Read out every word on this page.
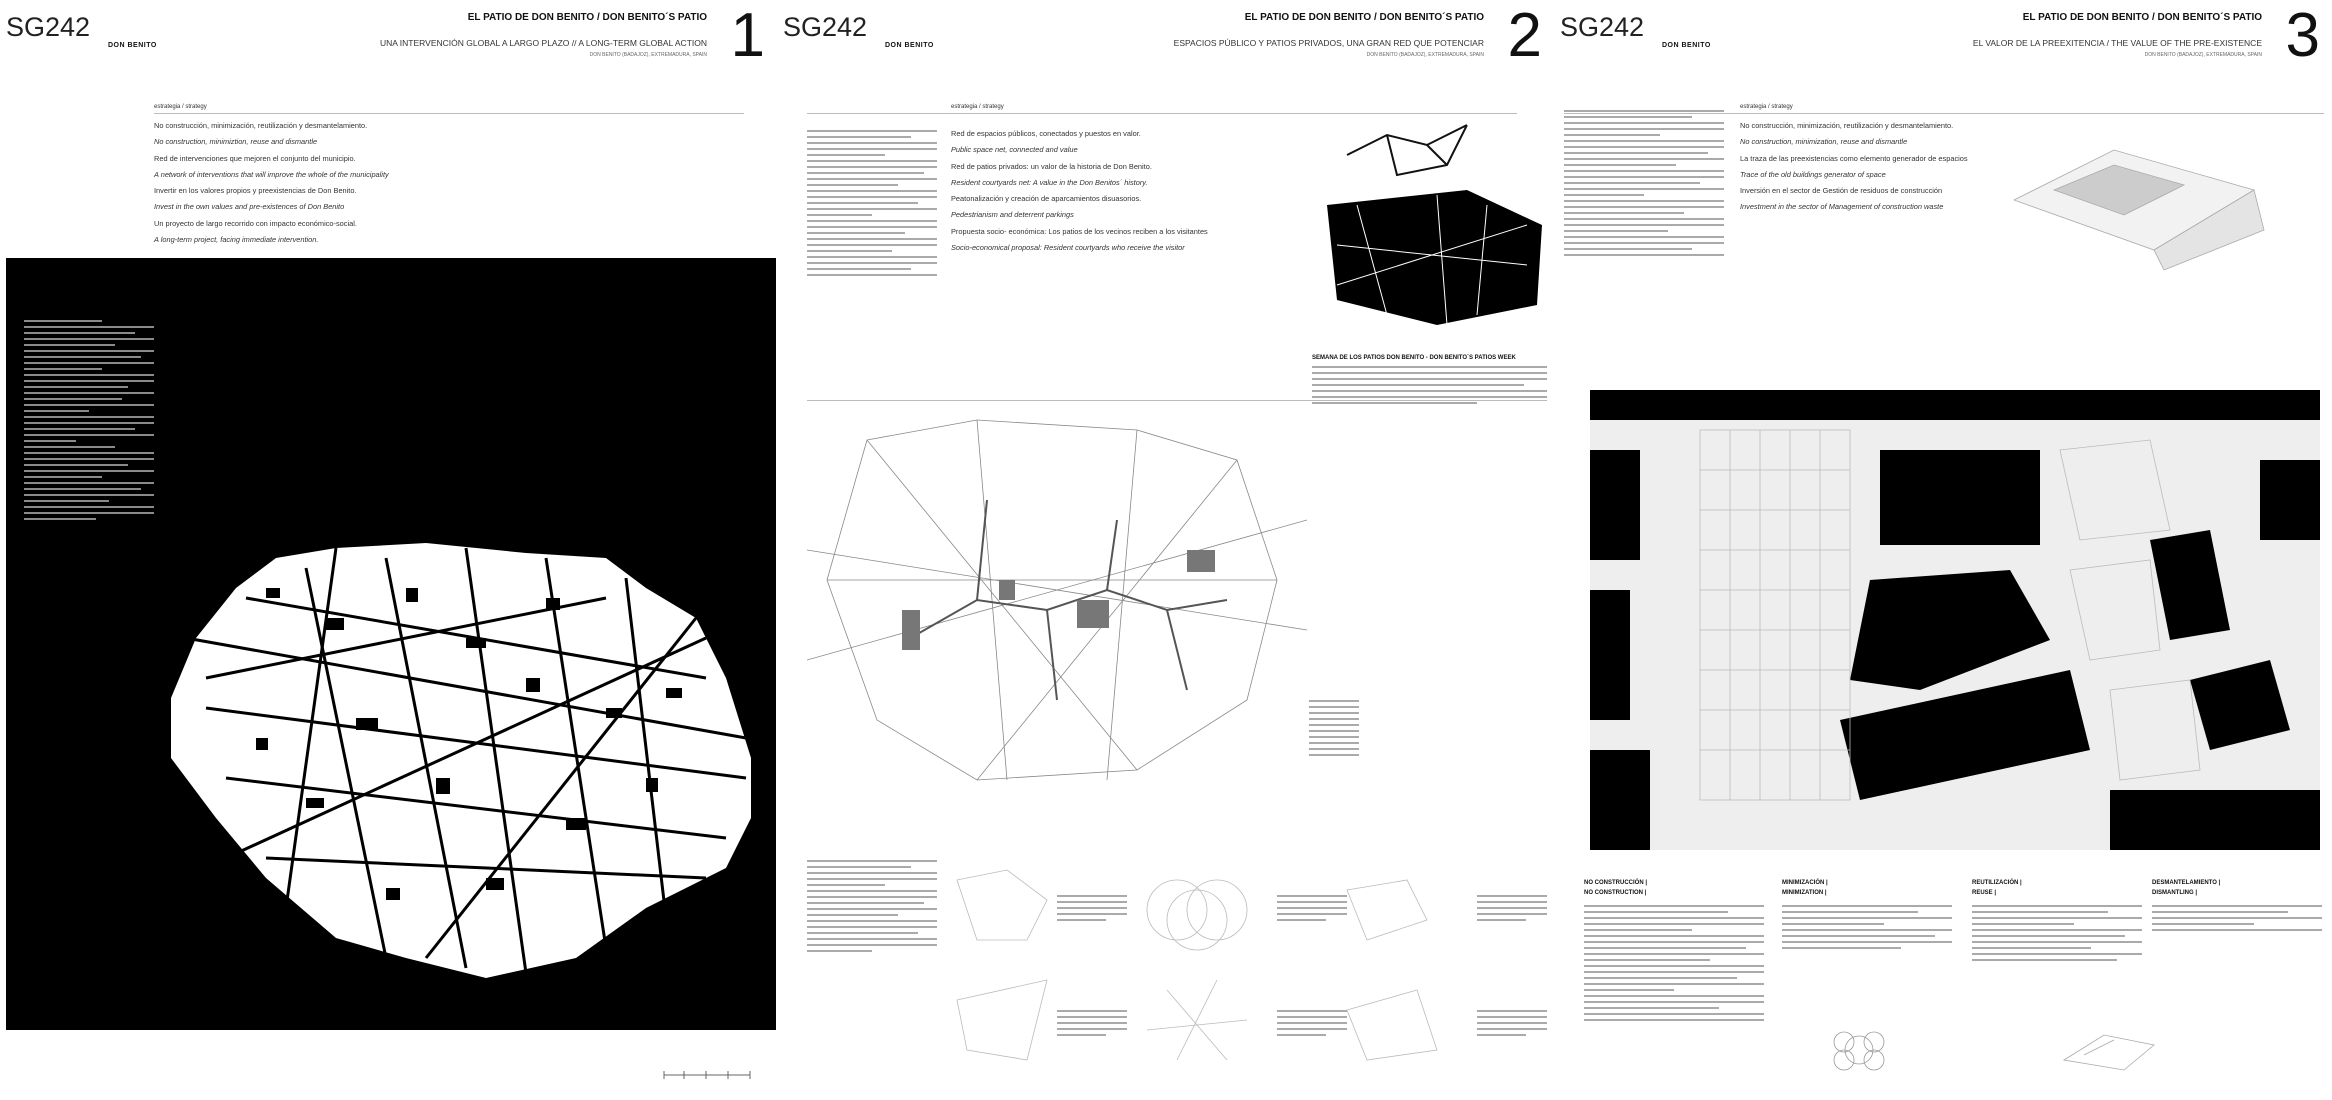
SG242
DON BENITO
EL PATIO DE DON BENITO / DON BENITO´S PATIO
UNA INTERVENCIÓN GLOBAL A LARGO PLAZO // A LONG-TERM GLOBAL ACTION
DON BENITO (BADAJOZ), EXTREMADURA, SPAIN 1
estrategia / strategy
No construcción, minimización, reutilización y desmantelamiento.
No construction, minimiztion, reuse and dismantle
Red de intervenciones que mejoren el conjunto del municipio.
A network of interventions that will improve the whole of the municipality
Invertir en los valores propios y preexistencias de Don Benito.
Invest in the own values and pre-existences of Don Benito
Un proyecto de largo recorrido con impacto económico-social.
A long-term project, facing immediate intervention.
SG242
DON BENITO
EL PATIO DE DON BENITO / DON BENITO´S PATIO
ESPACIOS PÚBLICO Y PATIOS PRIVADOS, UNA GRAN RED QUE POTENCIAR
DON BENITO (BADAJOZ), EXTREMADURA, SPAIN 2
estrategia / strategy
Red de espacios públicos, conectados y puestos en valor.
Public space net, connected and value
Red de patios privados: un valor de la historia de Don Benito.
Resident courtyards net: A value in the Don Benitos´ history.
Peatonalización y creación de aparcamientos disuasorios.
Pedestrianism and deterrent parkings
Propuesta socio- económica: Los patios de los vecinos reciben a los visitantes
Socio-economical proposal: Resident courtyards who receive the visitor
SEMANA DE LOS PATIOS DON BENITO - DON BENITO´S PATIOS WEEK
SG242
DON BENITO
EL PATIO DE DON BENITO / DON BENITO´S PATIO
EL VALOR DE LA PREEXITENCIA / THE VALUE OF THE PRE-EXISTENCE
DON BENITO (BADAJOZ), EXTREMADURA, SPAIN 3
estrategia / strategy
No construcción, minimización, reutilización y desmantelamiento.
No construction, minimization, reuse and dismantle
La traza de las preexistencias como elemento generador de espacios
Trace of the old buildings generator of space
Inversión en el sector de Gestión de residuos de construcción
Investment in the sector of Management of construction waste
NO CONSTRUCCIÓN |
NO CONSTRUCTION |
MINIMIZACIÓN |
MINIMIZATION |
REUTILIZACIÓN |
REUSE |
DESMANTELAMIENTO |
DISMANTLING |
